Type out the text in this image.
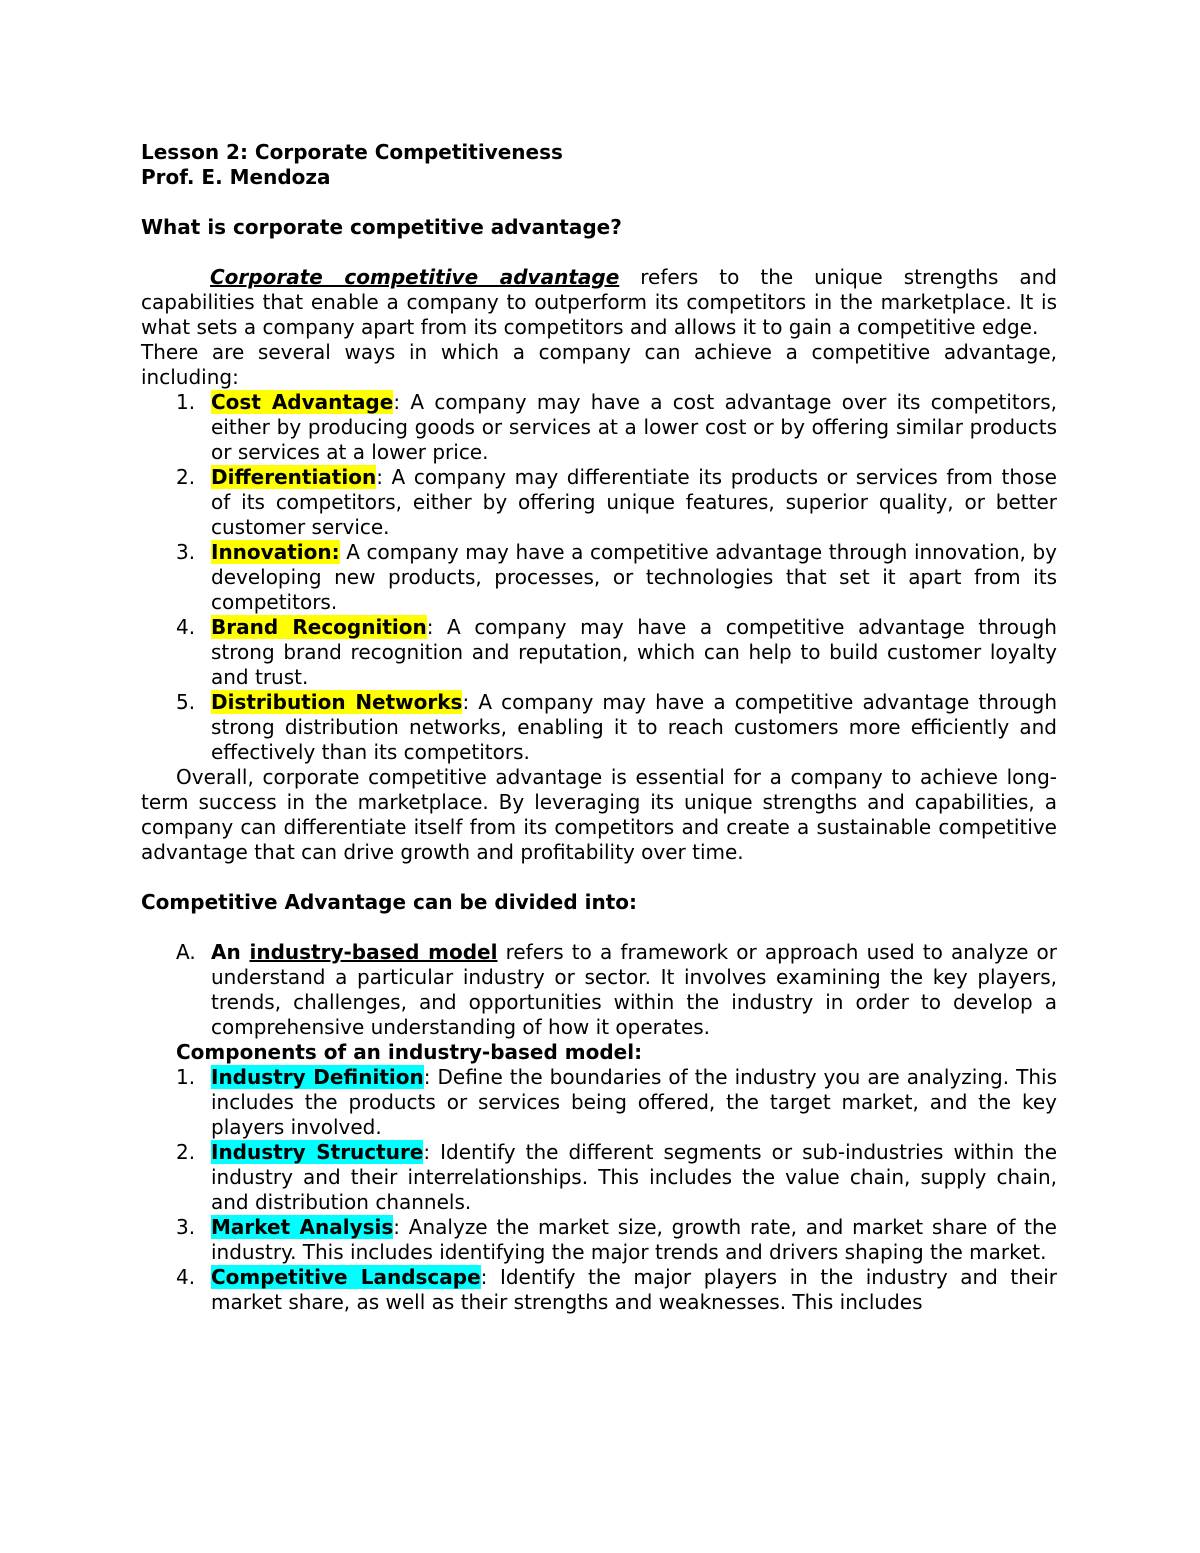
Lesson 2: Corporate Competitiveness

Prof. E. Mendoza

What is corporate competitive advantage?

Corporate competitive advantage refers to the unique strengths and capabilities that enable a company to outperform its competitors in the marketplace. It is what sets a company apart from its competitors and allows it to gain a competitive edge.

There are several ways in which a company can achieve a competitive advantage, including:

1. Cost Advantage: A company may have a cost advantage over its competitors, either by producing goods or services at a lower cost or by offering similar products or services at a lower price.
2. Differentiation: A company may differentiate its products or services from those of its competitors, either by offering unique features, superior quality, or better customer service.
3. Innovation: A company may have a competitive advantage through innovation, by developing new products, processes, or technologies that set it apart from its competitors.
4. Brand Recognition: A company may have a competitive advantage through strong brand recognition and reputation, which can help to build customer loyalty and trust.
5. Distribution Networks: A company may have a competitive advantage through strong distribution networks, enabling it to reach customers more efficiently and effectively than its competitors.

Overall, corporate competitive advantage is essential for a company to achieve long-term success in the marketplace. By leveraging its unique strengths and capabilities, a company can differentiate itself from its competitors and create a sustainable competitive advantage that can drive growth and profitability over time.

Competitive Advantage can be divided into:

A. An industry-based model refers to a framework or approach used to analyze or understand a particular industry or sector. It involves examining the key players, trends, challenges, and opportunities within the industry in order to develop a comprehensive understanding of how it operates.

Components of an industry-based model:

1. Industry Definition: Define the boundaries of the industry you are analyzing. This includes the products or services being offered, the target market, and the key players involved.
2. Industry Structure: Identify the different segments or sub-industries within the industry and their interrelationships. This includes the value chain, supply chain, and distribution channels.
3. Market Analysis: Analyze the market size, growth rate, and market share of the industry. This includes identifying the major trends and drivers shaping the market.
4. Competitive Landscape: Identify the major players in the industry and their market share, as well as their strengths and weaknesses. This includes
